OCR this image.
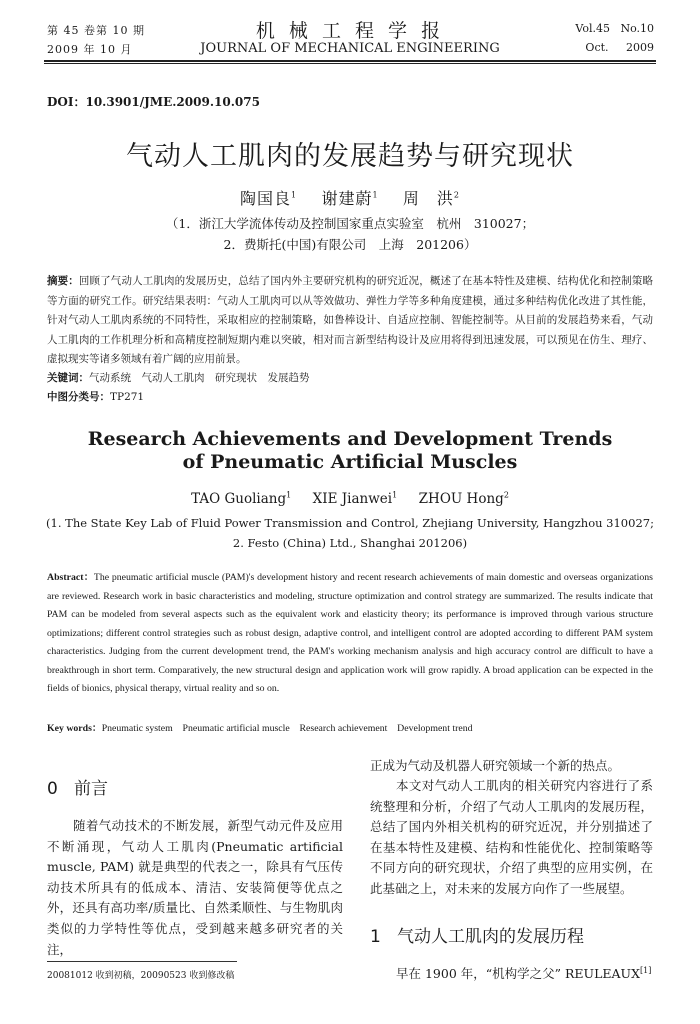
第 45 卷第 10 期
2009 年 10 月
机 械 工 程 学 报
JOURNAL OF MECHANICAL ENGINEERING
Vol.45   No.10
Oct.     2009
DOI：10.3901/JME.2009.10.075
气动人工肌肉的发展趋势与研究现状
陶国良$^1$ 谢建蔚$^1$ 周　洪$^2$
（1．浙江大学流体传动及控制国家重点实验室　杭州　310027；
2．费斯托(中国)有限公司　上海　201206）
摘要：回顾了气动人工肌肉的发展历史，总结了国内外主要研究机构的研究近况，概述了在基本特性及建模、结构优化和控制策略等方面的研究工作。研究结果表明：气动人工肌肉可以从等效做功、弹性力学等多种角度建模，通过多种结构优化改进了其性能，针对气动人工肌肉系统的不同特性，采取相应的控制策略，如鲁棒设计、自适应控制、智能控制等。从目前的发展趋势来看，气动人工肌肉的工作机理分析和高精度控制短期内难以突破，相对而言新型结构设计及应用将得到迅速发展，可以预见在仿生、理疗、虚拟现实等诸多领域有着广阔的应用前景。
关键词：气动系统　气动人工肌肉　研究现状　发展趋势
中图分类号：TP271
Research Achievements and Development Trends
of Pneumatic Artificial Muscles
TAO Guoliang$^1$ XIE Jianwei$^1$ ZHOU Hong$^2$
(1. The State Key Lab of Fluid Power Transmission and Control, Zhejiang University, Hangzhou 310027;
2. Festo (China) Ltd., Shanghai 201206)
Abstract：The pneumatic artificial muscle (PAM)'s development history and recent research achievements of main domestic and overseas organizations are reviewed. Research work in basic characteristics and modeling, structure optimization and control strategy are summarized. The results indicate that PAM can be modeled from several aspects such as the equivalent work and elasticity theory; its performance is improved through various structure optimizations; different control strategies such as robust design, adaptive control, and intelligent control are adopted according to different PAM system characteristics. Judging from the current development trend, the PAM's working mechanism analysis and high accuracy control are difficult to have a breakthrough in short term. Comparatively, the new structural design and application work will grow rapidly. A broad application can be expected in the fields of bionics, physical therapy, virtual reality and so on.
Key words：Pneumatic system    Pneumatic artificial muscle    Research achievement    Development trend
0 前言
随着气动技术的不断发展，新型气动元件及应用不断涌现，气动人工肌肉(Pneumatic artificial muscle, PAM) 就是典型的代表之一，除具有气压传动技术所具有的低成本、清洁、安装简便等优点之外，还具有高功率/质量比、自然柔顺性、与生物肌肉类似的力学特性等优点，受到越来越多研究者的关注，
20081012 收到初稿，20090523 收到修改稿
正成为气动及机器人研究领域一个新的热点。
本文对气动人工肌肉的相关研究内容进行了系统整理和分析，介绍了气动人工肌肉的发展历程，总结了国内外相关机构的研究近况，并分别描述了在基本特性及建模、结构和性能优化、控制策略等不同方向的研究现状，介绍了典型的应用实例，在此基础之上，对未来的发展方向作了一些展望。
1 气动人工肌肉的发展历程
早在 1900 年，“机构学之父” REULEAUX[1]
